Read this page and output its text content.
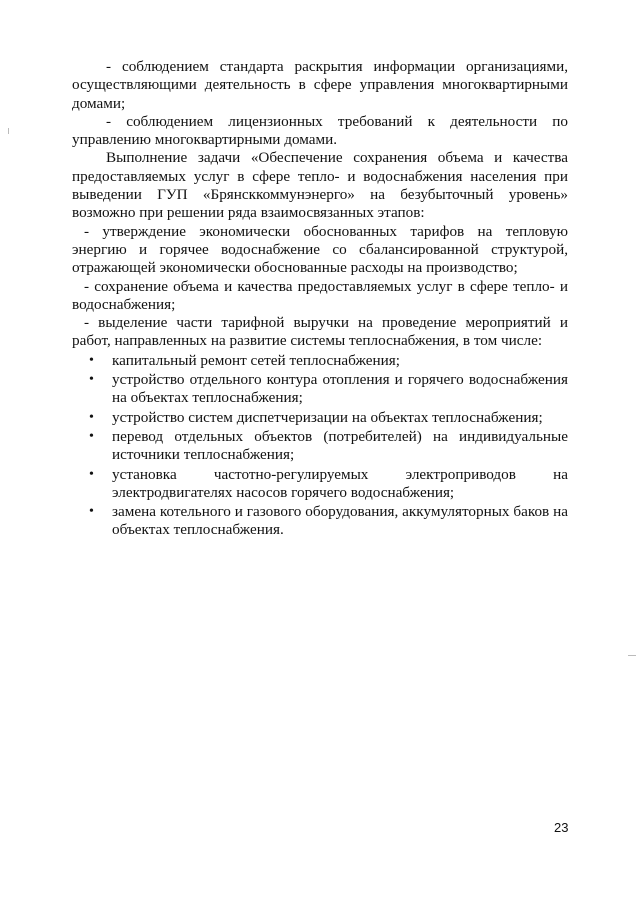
- соблюдением стандарта раскрытия информации организациями, осуществляющими деятельность в сфере управления многоквартирными домами;

- соблюдением лицензионных требований к деятельности по управлению многоквартирными домами.

Выполнение задачи «Обеспечение сохранения объема и качества предоставляемых услуг в сфере тепло- и водоснабжения населения при выведении ГУП «Брянсккоммунэнерго» на безубыточный уровень» возможно при решении ряда взаимосвязанных этапов:

- утверждение экономически обоснованных тарифов на тепловую энергию и горячее водоснабжение со сбалансированной структурой, отражающей экономически обоснованные расходы на производство;

- сохранение объема и качества предоставляемых услуг в сфере тепло- и водоснабжения;

- выделение части тарифной выручки на проведение мероприятий и работ, направленных на развитие системы теплоснабжения, в том числе:

• капитальный ремонт сетей теплоснабжения;
• устройство отдельного контура отопления и горячего водоснабжения на объектах теплоснабжения;
• устройство систем диспетчеризации на объектах теплоснабжения;
• перевод отдельных объектов (потребителей) на индивидуальные источники теплоснабжения;
• установка частотно-регулируемых электроприводов на электродвигателях насосов горячего водоснабжения;
• замена котельного и газового оборудования, аккумуляторных баков на объектах теплоснабжения.
23
